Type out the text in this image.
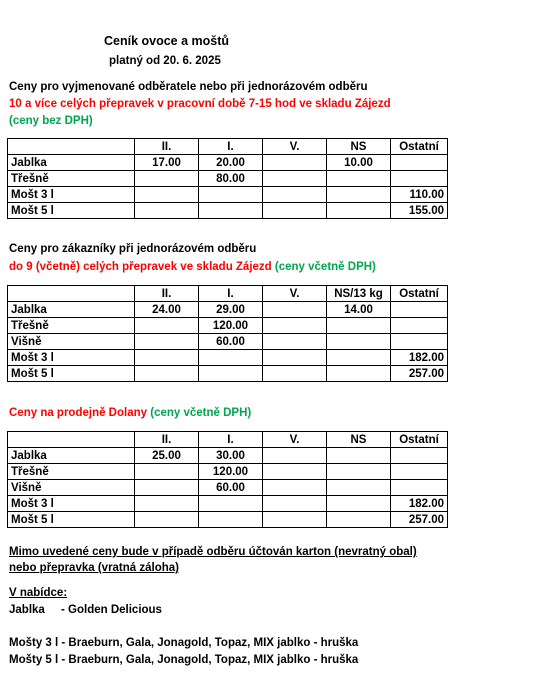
Ceník ovoce a moštů
platný od 20. 6. 2025
Ceny pro vyjmenované odběratele nebo při jednorázovém odběru
10 a více celých přepravek v pracovní době 7-15 hod ve skladu Zájezd
(ceny bez DPH)
	II.	I.	V.	NS	Ostatní
Jablka	17.00	20.00		10.00	
Třešně		80.00			
Mošt 3 l					110.00
Mošt 5 l					155.00
Ceny pro zákazníky při jednorázovém odběru
do 9 (včetně) celých přepravek ve skladu Zájezd (ceny včetně DPH)
	II.	I.	V.	NS/13 kg	Ostatní
Jablka	24.00	29.00		14.00	
Třešně		120.00			
Višně		60.00			
Mošt 3 l					182.00
Mošt 5 l					257.00
Ceny na prodejně Dolany (ceny včetně DPH)
	II.	I.	V.	NS	Ostatní
Jablka	25.00	30.00			
Třešně		120.00			
Višně		60.00			
Mošt 3 l					182.00
Mošt 5 l					257.00
Mimo uvedené ceny bude v případě odběru účtován karton (nevratný obal)
nebo přepravka (vratná záloha)
V nabídce:
Jablka - Golden Delicious
Mošty 3 l - Braeburn, Gala, Jonagold, Topaz, MIX jablko - hruška
Mošty 5 l - Braeburn, Gala, Jonagold, Topaz, MIX jablko - hruška
